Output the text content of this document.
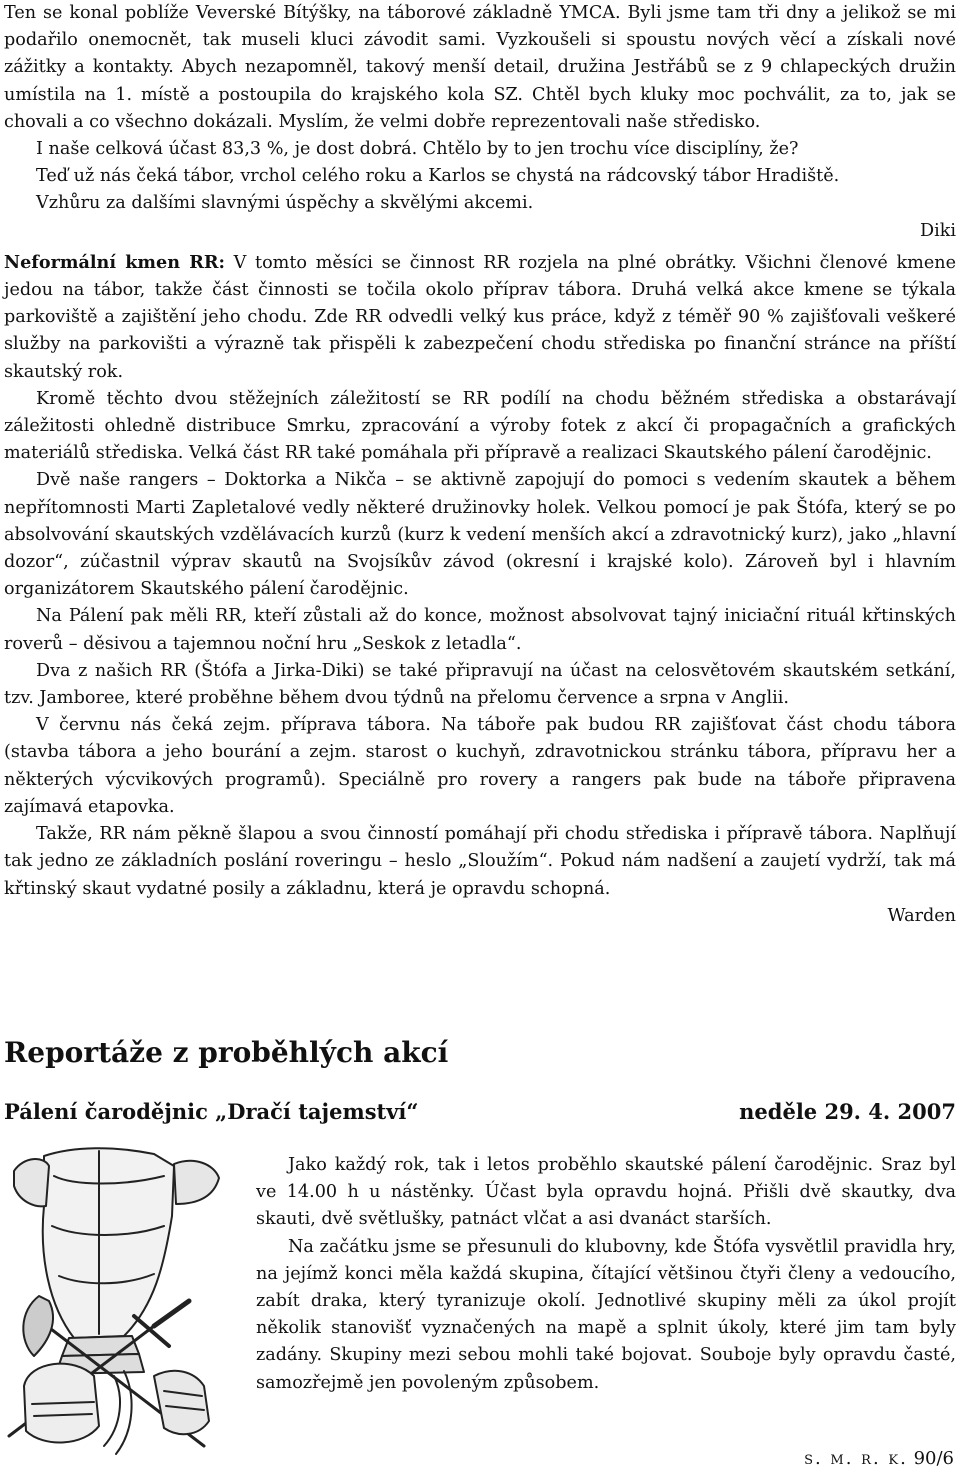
Ten se konal poblíže Veverské Bítýšky, na táborové základně YMCA. Byli jsme tam tři dny a jelikož se mi podařilo onemocnět, tak museli kluci závodit sami. Vyzkoušeli si spoustu nových věcí a získali nové zážitky a kontakty. Abych nezapomněl, takový menší detail, družina Jestřábů se z 9 chlapeckých družin umístila na 1. místě a postoupila do krajského kola SZ. Chtěl bych kluky moc pochválit, za to, jak se chovali a co všechno dokázali. Myslím, že velmi dobře reprezentovali naše středisko.

I naše celková účast 83,3 %, je dost dobrá. Chtělo by to jen trochu více disciplíny, že?

Teď už nás čeká tábor, vrchol celého roku a Karlos se chystá na rádcovský tábor Hradiště.

Vzhůru za dalšími slavnými úspěchy a skvělými akcemi.

Diki

Neformální kmen RR: V tomto měsíci se činnost RR rozjela na plné obrátky. Všichni členové kmene jedou na tábor, takže část činnosti se točila okolo příprav tábora. Druhá velká akce kmene se týkala parkoviště a zajištění jeho chodu. Zde RR odvedli velký kus práce, když z téměř 90 % zajišťovali veškeré služby na parkovišti a výrazně tak přispěli k zabezpečení chodu střediska po finanční stránce na příští skautský rok.

Kromě těchto dvou stěžejních záležitostí se RR podílí na chodu běžném střediska a obstarávají záležitosti ohledně distribuce Smrku, zpracování a výroby fotek z akcí či propagačních a grafických materiálů střediska. Velká část RR také pomáhala při přípravě a realizaci Skautského pálení čarodějnic.

Dvě naše rangers – Doktorka a Nikča – se aktivně zapojují do pomoci s vedením skautek a během nepřítomnosti Marti Zapletalové vedly některé družinovky holek. Velkou pomocí je pak Štófa, který se po absolvování skautských vzdělávacích kurzů (kurz k vedení menších akcí a zdravotnický kurz), jako „hlavní dozor“, zúčastnil výprav skautů na Svojsíkův závod (okresní i krajské kolo). Zároveň byl i hlavním organizátorem Skautského pálení čarodějnic.

Na Pálení pak měli RR, kteří zůstali až do konce, možnost absolvovat tajný iniciační rituál křtinských roverů – děsivou a tajemnou noční hru „Seskok z letadla“.

Dva z našich RR (Štófa a Jirka-Diki) se také připravují na účast na celosvětovém skautském setkání, tzv. Jamboree, které proběhne během dvou týdnů na přelomu července a srpna v Anglii.

V červnu nás čeká zejm. příprava tábora. Na táboře pak budou RR zajišťovat část chodu tábora (stavba tábora a jeho bourání a zejm. starost o kuchyň, zdravotnickou stránku tábora, přípravu her a některých výcvikových programů). Speciálně pro rovery a rangers pak bude na táboře připravena zajímavá etapovka.

Takže, RR nám pěkně šlapou a svou činností pomáhají při chodu střediska i přípravě tábora. Naplňují tak jedno ze základních poslání roveringu – heslo „Sloužím“. Pokud nám nadšení a zaujetí vydrží, tak má křtinský skaut vydatné posily a základnu, která je opravdu schopná.

Warden
Reportáže z proběhlých akcí
Pálení čarodějnic „Dračí tajemství“	neděle 29. 4. 2007

Jako každý rok, tak i letos proběhlo skautské pálení čarodějnic. Sraz byl ve 14.00 h u nástěnky. Účast byla opravdu hojná. Přišli dvě skautky, dva skauti, dvě světlušky, patnáct vlčat a asi dvanáct starších.

Na začátku jsme se přesunuli do klubovny, kde Štófa vysvětlil pravidla hry, na jejímž konci měla každá skupina, čítající většinou čtyři členy a vedoucího, zabít draka, který tyranizuje okolí. Jednotlivé skupiny měli za úkol projít několik stanovišť vyznačených na mapě a splnit úkoly, které jim tam byly zadány. Skupiny mezi sebou mohli také bojovat. Souboje byly opravdu časté, samozřejmě jen povoleným způsobem.

s. m. r. k. 90/6
